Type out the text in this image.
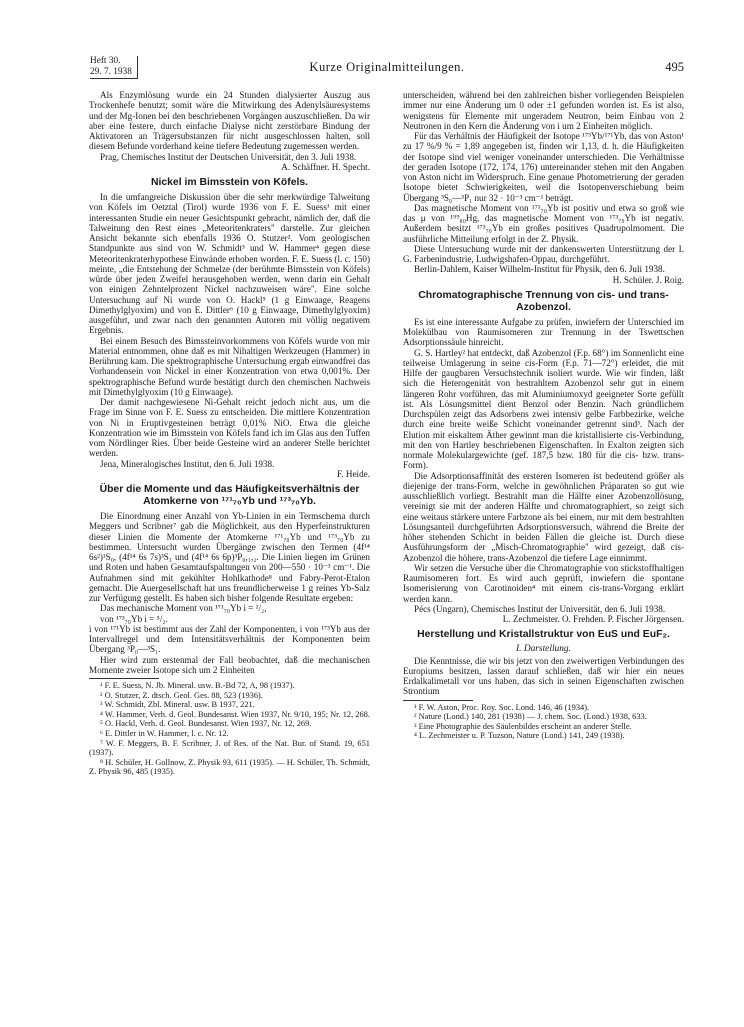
Heft 30.
29. 7. 1938	Kurze Originalmitteilungen.	495

Als Enzymlösung wurde ein 24 Stunden dialysierter Auszug aus Trockenhefe benutzt; somit wäre die Mitwirkung des Adenylsäuresystems und der Mg-Ionen bei den beschriebenen Vorgängen auszuschließen. Da wir aber eine festere, durch einfache Dialyse nicht zerstörbare Bindung der Aktivatoren an Trägersubstanzen für nicht ausgeschlossen halten, soll diesem Befunde vorderhand keine tiefere Bedeutung zugemessen werden.

Prag, Chemisches Institut der Deutschen Universität, den 3. Juli 1938.

A. Schäffner. H. Specht.

Nickel im Bimsstein von Köfels.

In die umfangreiche Diskussion über die sehr merkwürdige Talweitung von Köfels im Oetztal (Tirol) wurde 1936 von F. E. Suess¹ mit einer interessanten Studie ein neuer Gesichtspunkt gebracht, nämlich der, daß die Talweitung den Rest eines „Meteoritenkraters" darstelle. Zur gleichen Ansicht bekannte sich ebenfalls 1936 O. Stutzer². Vom geologischen Standpunkte aus sind von W. Schmidt³ und W. Hammer⁴ gegen diese Meteoritenkraterhypothese Einwände erhoben worden. F. E. Suess (l. c. 150) meinte, „die Entstehung der Schmelze (der berühmte Bimsstein von Köfels) würde über jeden Zweifel herausgehoben werden, wenn darin ein Gehalt von einigen Zehntelprozent Nickel nachzuweisen wäre". Eine solche Untersuchung auf Ni wurde von O. Hackl⁵ (1 g Einwaage, Reagens Dimethylglyoxim) und von E. Dittler⁶ (10 g Einwaage, Dimethylglyoxim) ausgeführt, und zwar nach den genannten Autoren mit völlig negativem Ergebnis.

Bei einem Besuch des Bimssteinvorkommens von Köfels wurde von mir Material entnommen, ohne daß es mit Nihaltigen Werkzeugen (Hammer) in Berührung kam. Die spektrographische Untersuchung ergab einwandfrei das Vorhandensein von Nickel in einer Konzentration von etwa 0,001%. Der spektrographische Befund wurde bestätigt durch den chemischen Nachweis mit Dimethylglyoxim (10 g Einwaage).

Der damit nachgewiesene Ni-Gehalt reicht jedoch nicht aus, um die Frage im Sinne von F. E. Suess zu entscheiden. Die mittlere Konzentration von Ni in Eruptivgesteinen beträgt 0,01% NiO. Etwa die gleiche Konzentration wie im Bimsstein von Köfels fand ich im Glas aus den Tuffen vom Nördlinger Ries. Über beide Gesteine wird an anderer Stelle berichtet werden.

Jena, Mineralogisches Institut, den 6. Juli 1938.

F. Heide.

Über die Momente und das Häufigkeitsverhältnis der Atomkerne von ¹⁷¹₇₀Yb und ¹⁷³₇₀Yb.

Die Einordnung einer Anzahl von Yb-Linien in ein Termschema durch Meggers und Scribner⁷ gab die Möglichkeit, aus den Hyperfeinstrukturen dieser Linien die Momente der Atomkerne ¹⁷¹₇₀Yb und ¹⁷³₇₀Yb zu bestimmen. Untersucht wurden Übergänge zwischen den Termen (4f¹⁴ 6s²)¹S₀, (4f¹⁴ 6s 7s)³S₁ und (4f¹⁴ 6s 6p)³P₀,₁,₂. Die Linien liegen im Grünen und Roten und haben Gesamtaufspaltungen von 200—550 · 10⁻³ cm⁻¹. Die Aufnahmen sind mit gekühlter Hohlkathode⁸ und Fabry-Perot-Etalon gemacht. Die Auergesellschaft hat uns freundlicherweise 1 g reines Yb-Salz zur Verfügung gestellt. Es haben sich bisher folgende Resultate ergeben:

Das mechanische Moment von ¹⁷¹₇₀Yb i = ¹/₂,

von ¹⁷³₇₀Yb i = ⁵/₂.

i von ¹⁷¹Yb ist bestimmt aus der Zahl der Komponenten, i von ¹⁷³Yb aus der Intervallregel und dem Intensitätsverhältnis der Komponenten beim Übergang ³P₀—³S₁.

Hier wird zum erstenmal der Fall beobachtet, daß die mechanischen Momente zweier Isotope sich um 2 Einheiten

¹ F. E. Suess, N. Jb. Mineral. usw. B.-Bd 72, A, 98 (1937).

² O. Stutzer, Z. dtsch. Geol. Ges. 88, 523 (1936).

³ W. Schmidt, Zbl. Mineral. usw. B 1937, 221.

⁴ W. Hammer, Verh. d. Geol. Bundesanst. Wien 1937, Nr. 9/10, 195; Nr. 12, 268.

⁵ O. Hackl, Verh. d. Geol. Bundesanst. Wien 1937, Nr. 12, 269.

⁶ E. Dittler in W. Hammer, l. c. Nr. 12.

⁷ W. F. Meggers, B. F. Scribner, J. of Res. of the Nat. Bur. of Stand. 19, 651 (1937).

⁸ H. Schüler, H. Gollnow, Z. Physik 93, 611 (1935). — H. Schüler, Th. Schmidt, Z. Physik 96, 485 (1935).

unterscheiden, während bei den zahlreichen bisher vorliegenden Beispielen immer nur eine Änderung um 0 oder ±1 gefunden worden ist. Es ist also, wenigstens für Elemente mit ungeradem Neutron, beim Einbau von 2 Neutronen in den Kern die Änderung von i um 2 Einheiten möglich.

Für das Verhältnis der Häufigkeit der Isotope ¹⁷³Yb/¹⁷¹Yb, das von Aston¹ zu 17 %/9 % = 1,89 angegeben ist, finden wir 1,13, d. h. die Häufigkeiten der Isotope sind viel weniger voneinander unterschieden. Die Verhältnisse der geraden Isotope (172, 174, 176) untereinander stehen mit den Angaben von Aston nicht im Widerspruch. Eine genaue Photometrierung der geraden Isotope bietet Schwierigkeiten, weil die Isotopenverschiebung beim Übergang ³S₀—³P₁ nur 32 · 10⁻³ cm⁻¹ beträgt.

Das magnetische Moment von ¹⁷¹₇₀Yb ist positiv und etwa so groß wie das μ von ¹⁹⁹₈₀Hg, das magnetische Moment von ¹⁷³₇₀Yb ist negativ. Außerdem besitzt ¹⁷³₇₀Yb ein großes positives Quadrupolmoment. Die ausführliche Mitteilung erfolgt in der Z. Physik.

Diese Untersuchung wurde mit der dankenswerten Unterstützung der I. G. Farbenindustrie, Ludwigshafen-Oppau, durchgeführt.

Berlin-Dahlem, Kaiser Wilhelm-Institut für Physik, den 6. Juli 1938.

H. Schüler. J. Roig.

Chromatographische Trennung von cis- und trans-Azobenzol.

Es ist eine interessante Aufgabe zu prüfen, inwiefern der Unterschied im Molekülbau von Raumisomeren zur Trennung in der Tswettschen Adsorptionssäule hinreicht.

G. S. Hartley² hat entdeckt, daß Azobenzol (F.p. 68°) im Sonnenlicht eine teilweise Umlagerung in seine cis-Form (F.p. 71—72°) erleidet, die mit Hilfe der gaugbaren Versuchstechnik isoliert wurde. Wie wir finden, läßt sich die Heterogenität von bestrahltem Azobenzol sehr gut in einem längeren Rohr vorführen, das mit Aluminiumoxyd geeigneter Sorte gefüllt ist. Als Lösungsmittel dient Benzol oder Benzin. Nach gründlichem Durchspülen zeigt das Adsorbens zwei intensiv gelbe Farbbezirke, welche durch eine breite weiße Schicht voneinander getrennt sind³. Nach der Elution mit eiskaltem Äther gewinnt man die kristallisierte cis-Verbindung, mit den von Hartley beschriebenen Eigenschaften. In Exalton zeigten sich normale Molekulargewichte (gef. 187,5 bzw. 180 für die cis- bzw. trans-Form).

Die Adsorptionsaffinität des ersteren Isomeren ist bedeutend größer als diejenige der trans-Form, welche in gewöhnlichen Präparaten so gut wie ausschließlich vorliegt. Bestrahlt man die Hälfte einer Azobenzollösung, vereinigt sie mit der anderen Hälfte und chromatographiert, so zeigt sich eine weitaus stärkere untere Farbzone als bei einem, nur mit dem bestrahlten Lösungsanteil durchgeführten Adsorptionsversuch, während die Breite der höher stehenden Schicht in beiden Fällen die gleiche ist. Durch diese Ausführungsform der „Misch-Chromatographie" wird gezeigt, daß cis-Azobenzol die höhere, trans-Azobenzol die tiefere Lage einnimmt.

Wir setzen die Versuche über die Chromatographie von stickstoffhaltigen Raumisomeren fort. Es wird auch geprüft, inwiefern die spontane Isomerisierung von Carotinoiden⁴ mit einem cis-trans-Vorgang erklärt werden kann.

Pécs (Ungarn), Chemisches Institut der Universität, den 6. Juli 1938.

L. Zechmeister. O. Frehden. P. Fischer Jörgensen.

Herstellung und Kristallstruktur von EuS und EuF₂.
I. Darstellung.

Die Kenntnisse, die wir bis jetzt von den zweiwertigen Verbindungen des Europiums besitzen, lassen darauf schließen, daß wir hier ein neues Erdalkalimetall vor uns haben, das sich in seinen Eigenschaften zwischen Strontium

¹ F. W. Aston, Proc. Roy. Soc. Lond. 146, 46 (1934).

² Nature (Lond.) 140, 281 (1938) — J. chem. Soc. (Lond.) 1938, 633.

³ Eine Photographie des Säulenbildes erscheint an anderer Stelle.

⁴ L. Zechmeister u. P. Tuzson, Nature (Lond.) 141, 249 (1938).
